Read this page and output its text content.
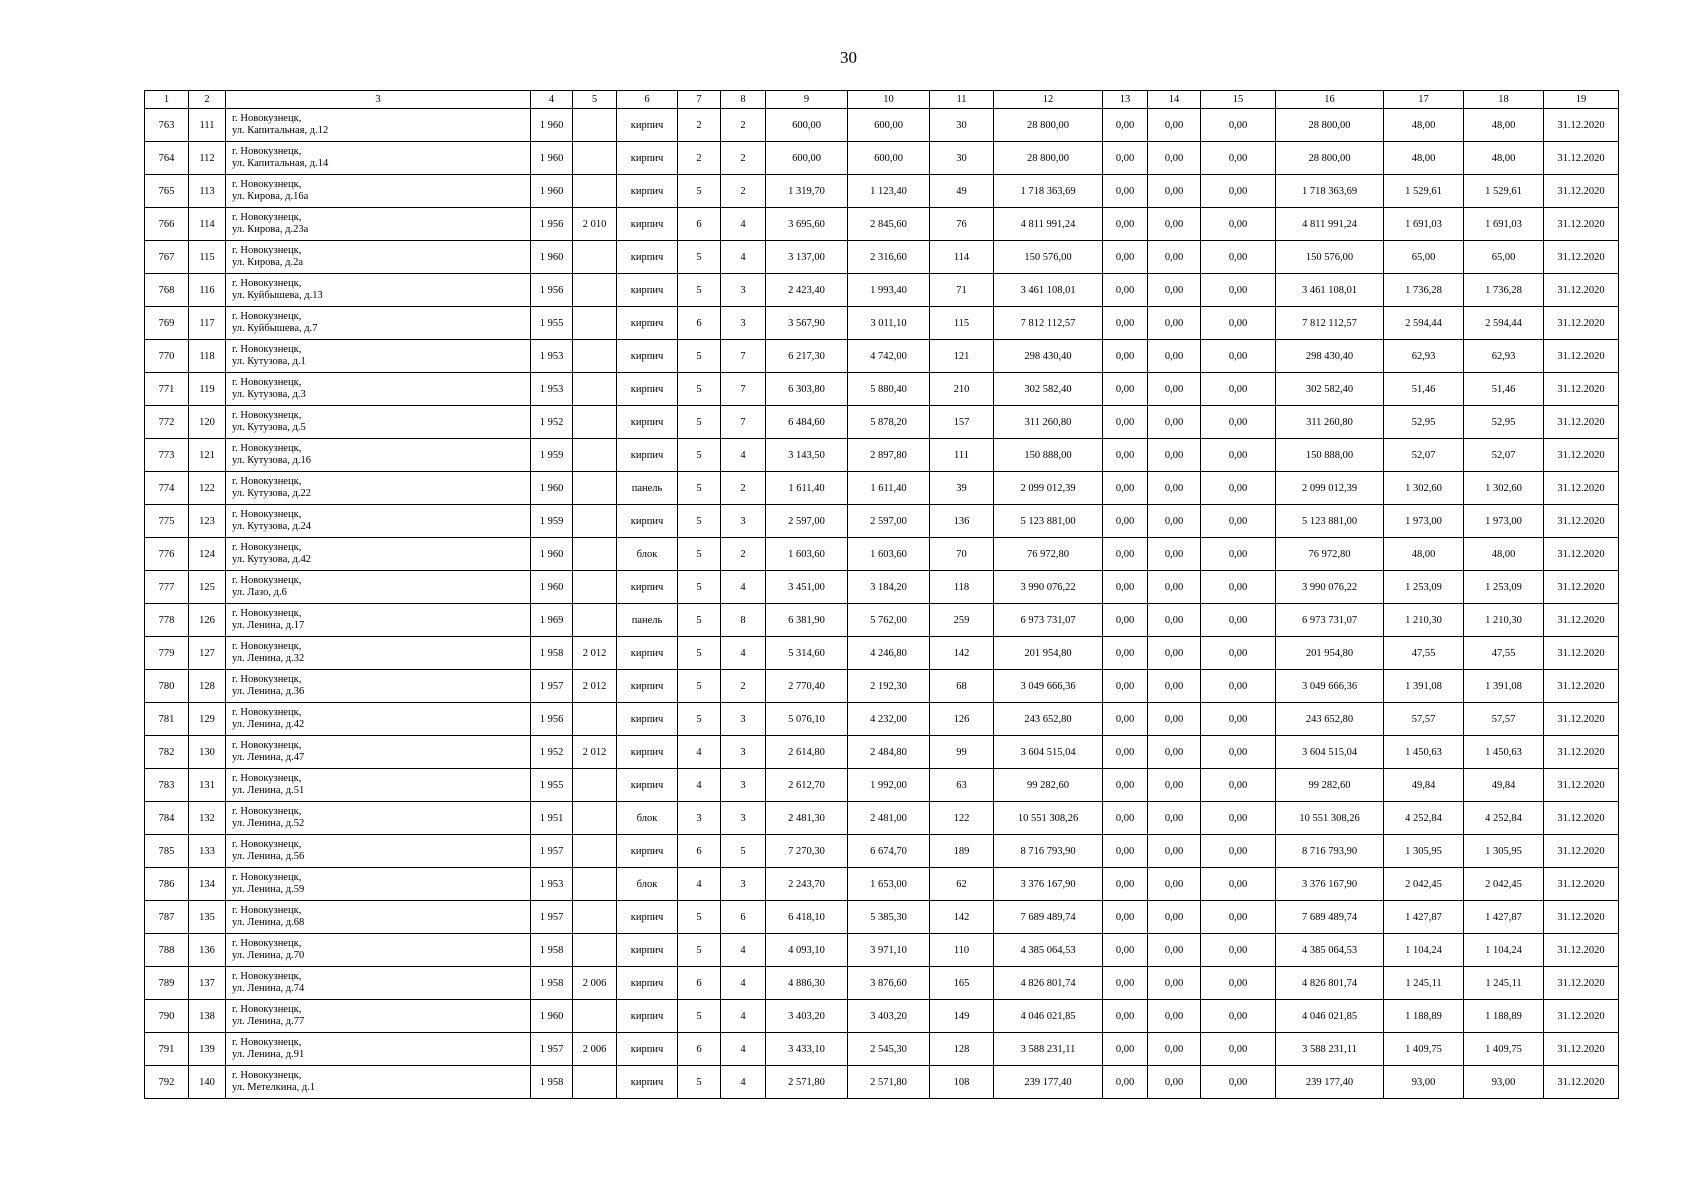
30
1	2	3	4	5	6	7	8	9	10	11	12	13	14	15	16	17	18	19
763	111	г. Новокузнецк,
ул. Капитальная, д.12	1 960		кирпич	2	2	600,00	600,00	30	28 800,00	0,00	0,00	0,00	28 800,00	48,00	48,00	31.12.2020
764	112	г. Новокузнецк,
ул. Капитальная, д.14	1 960		кирпич	2	2	600,00	600,00	30	28 800,00	0,00	0,00	0,00	28 800,00	48,00	48,00	31.12.2020
765	113	г. Новокузнецк,
ул. Кирова, д.16а	1 960		кирпич	5	2	1 319,70	1 123,40	49	1 718 363,69	0,00	0,00	0,00	1 718 363,69	1 529,61	1 529,61	31.12.2020
766	114	г. Новокузнецк,
ул. Кирова, д.23а	1 956	2 010	кирпич	6	4	3 695,60	2 845,60	76	4 811 991,24	0,00	0,00	0,00	4 811 991,24	1 691,03	1 691,03	31.12.2020
767	115	г. Новокузнецк,
ул. Кирова, д.2а	1 960		кирпич	5	4	3 137,00	2 316,60	114	150 576,00	0,00	0,00	0,00	150 576,00	65,00	65,00	31.12.2020
768	116	г. Новокузнецк,
ул. Куйбышева, д.13	1 956		кирпич	5	3	2 423,40	1 993,40	71	3 461 108,01	0,00	0,00	0,00	3 461 108,01	1 736,28	1 736,28	31.12.2020
769	117	г. Новокузнецк,
ул. Куйбышева, д.7	1 955		кирпич	6	3	3 567,90	3 011,10	115	7 812 112,57	0,00	0,00	0,00	7 812 112,57	2 594,44	2 594,44	31.12.2020
770	118	г. Новокузнецк,
ул. Кутузова, д.1	1 953		кирпич	5	7	6 217,30	4 742,00	121	298 430,40	0,00	0,00	0,00	298 430,40	62,93	62,93	31.12.2020
771	119	г. Новокузнецк,
ул. Кутузова, д.3	1 953		кирпич	5	7	6 303,80	5 880,40	210	302 582,40	0,00	0,00	0,00	302 582,40	51,46	51,46	31.12.2020
772	120	г. Новокузнецк,
ул. Кутузова, д.5	1 952		кирпич	5	7	6 484,60	5 878,20	157	311 260,80	0,00	0,00	0,00	311 260,80	52,95	52,95	31.12.2020
773	121	г. Новокузнецк,
ул. Кутузова, д.16	1 959		кирпич	5	4	3 143,50	2 897,80	111	150 888,00	0,00	0,00	0,00	150 888,00	52,07	52,07	31.12.2020
774	122	г. Новокузнецк,
ул. Кутузова, д.22	1 960		панель	5	2	1 611,40	1 611,40	39	2 099 012,39	0,00	0,00	0,00	2 099 012,39	1 302,60	1 302,60	31.12.2020
775	123	г. Новокузнецк,
ул. Кутузова, д.24	1 959		кирпич	5	3	2 597,00	2 597,00	136	5 123 881,00	0,00	0,00	0,00	5 123 881,00	1 973,00	1 973,00	31.12.2020
776	124	г. Новокузнецк,
ул. Кутузова, д.42	1 960		блок	5	2	1 603,60	1 603,60	70	76 972,80	0,00	0,00	0,00	76 972,80	48,00	48,00	31.12.2020
777	125	г. Новокузнецк,
ул. Лазо, д.6	1 960		кирпич	5	4	3 451,00	3 184,20	118	3 990 076,22	0,00	0,00	0,00	3 990 076,22	1 253,09	1 253,09	31.12.2020
778	126	г. Новокузнецк,
ул. Ленина, д.17	1 969		панель	5	8	6 381,90	5 762,00	259	6 973 731,07	0,00	0,00	0,00	6 973 731,07	1 210,30	1 210,30	31.12.2020
779	127	г. Новокузнецк,
ул. Ленина, д.32	1 958	2 012	кирпич	5	4	5 314,60	4 246,80	142	201 954,80	0,00	0,00	0,00	201 954,80	47,55	47,55	31.12.2020
780	128	г. Новокузнецк,
ул. Ленина, д.36	1 957	2 012	кирпич	5	2	2 770,40	2 192,30	68	3 049 666,36	0,00	0,00	0,00	3 049 666,36	1 391,08	1 391,08	31.12.2020
781	129	г. Новокузнецк,
ул. Ленина, д.42	1 956		кирпич	5	3	5 076,10	4 232,00	126	243 652,80	0,00	0,00	0,00	243 652,80	57,57	57,57	31.12.2020
782	130	г. Новокузнецк,
ул. Ленина, д.47	1 952	2 012	кирпич	4	3	2 614,80	2 484,80	99	3 604 515,04	0,00	0,00	0,00	3 604 515,04	1 450,63	1 450,63	31.12.2020
783	131	г. Новокузнецк,
ул. Ленина, д.51	1 955		кирпич	4	3	2 612,70	1 992,00	63	99 282,60	0,00	0,00	0,00	99 282,60	49,84	49,84	31.12.2020
784	132	г. Новокузнецк,
ул. Ленина, д.52	1 951		блок	3	3	2 481,30	2 481,00	122	10 551 308,26	0,00	0,00	0,00	10 551 308,26	4 252,84	4 252,84	31.12.2020
785	133	г. Новокузнецк,
ул. Ленина, д.56	1 957		кирпич	6	5	7 270,30	6 674,70	189	8 716 793,90	0,00	0,00	0,00	8 716 793,90	1 305,95	1 305,95	31.12.2020
786	134	г. Новокузнецк,
ул. Ленина, д.59	1 953		блок	4	3	2 243,70	1 653,00	62	3 376 167,90	0,00	0,00	0,00	3 376 167,90	2 042,45	2 042,45	31.12.2020
787	135	г. Новокузнецк,
ул. Ленина, д.68	1 957		кирпич	5	6	6 418,10	5 385,30	142	7 689 489,74	0,00	0,00	0,00	7 689 489,74	1 427,87	1 427,87	31.12.2020
788	136	г. Новокузнецк,
ул. Ленина, д.70	1 958		кирпич	5	4	4 093,10	3 971,10	110	4 385 064,53	0,00	0,00	0,00	4 385 064,53	1 104,24	1 104,24	31.12.2020
789	137	г. Новокузнецк,
ул. Ленина, д.74	1 958	2 006	кирпич	6	4	4 886,30	3 876,60	165	4 826 801,74	0,00	0,00	0,00	4 826 801,74	1 245,11	1 245,11	31.12.2020
790	138	г. Новокузнецк,
ул. Ленина, д.77	1 960		кирпич	5	4	3 403,20	3 403,20	149	4 046 021,85	0,00	0,00	0,00	4 046 021,85	1 188,89	1 188,89	31.12.2020
791	139	г. Новокузнецк,
ул. Ленина, д.91	1 957	2 006	кирпич	6	4	3 433,10	2 545,30	128	3 588 231,11	0,00	0,00	0,00	3 588 231,11	1 409,75	1 409,75	31.12.2020
792	140	г. Новокузнецк,
ул. Метелкина, д.1	1 958		кирпич	5	4	2 571,80	2 571,80	108	239 177,40	0,00	0,00	0,00	239 177,40	93,00	93,00	31.12.2020
